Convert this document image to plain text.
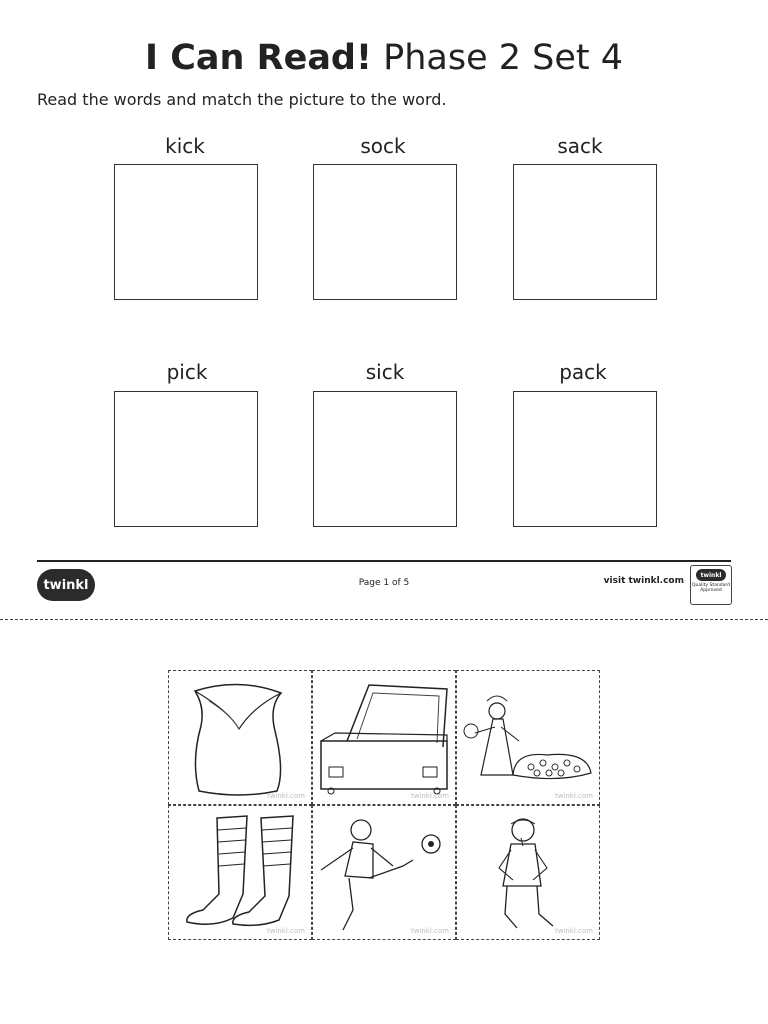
I Can Read! Phase 2 Set 4
Read the words and match the picture to the word.
kick	sock	sack
pick	sick	pack
twinkl	Page 1 of 5	visit twinkl.com
twinkl
Quality Standard Approved
twinkl.com	twinkl.com	twinkl.com
twinkl.com	twinkl.com	twinkl.com
